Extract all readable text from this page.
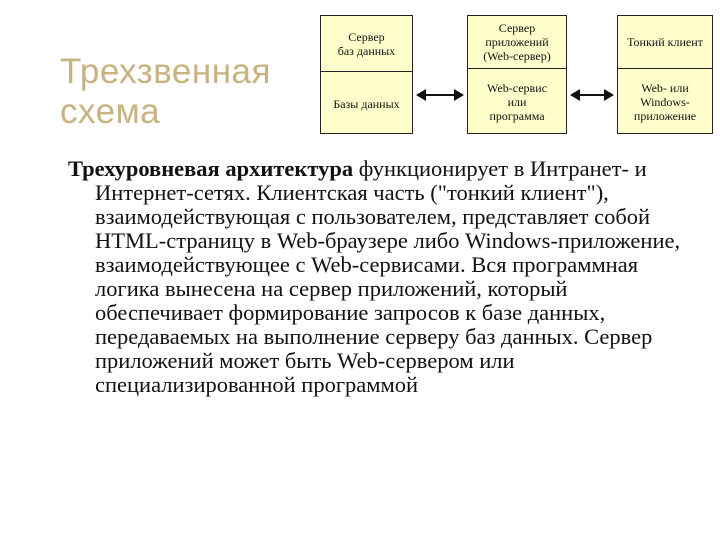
Трехзвенная
схема
Сервер
баз данных
Базы данных
Сервер
приложений
(Web-сервер)
Web-сервис
или
программа
Тонкий клиент
Web- или
Windows-
приложение
Трехуровневая архитектура функционирует в Интранет- и Интернет-сетях. Клиентская часть ("тонкий клиент"), взаимодействующая с пользователем, представляет собой HTML-страницу в Web-браузере либо Windows-приложение, взаимодействующее с Web-сервисами. Вся программная логика вынесена на сервер приложений, который обеспечивает формирование запросов к базе данных, передаваемых на выполнение серверу баз данных. Сервер приложений может быть Web-сервером или специализированной программой
